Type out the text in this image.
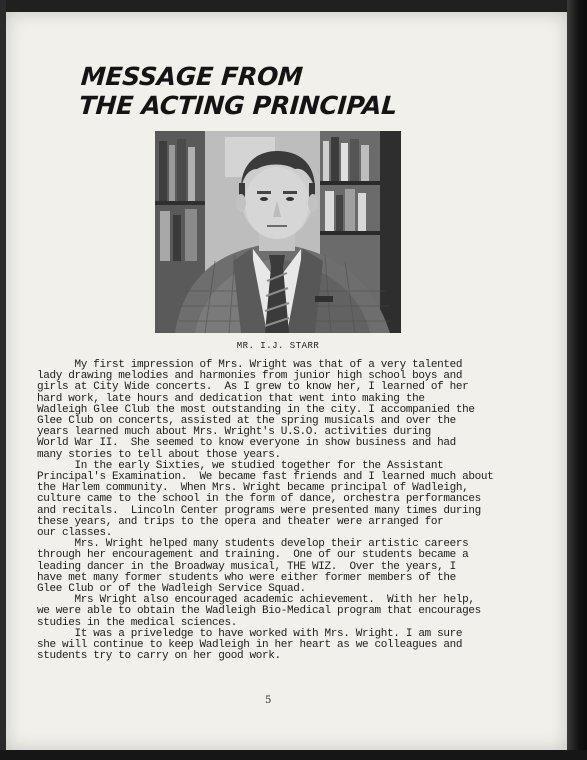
MESSAGE FROM
THE ACTING PRINCIPAL
MR. I.J. STARR

My first impression of Mrs. Wright was that of a very talented

lady drawing melodies and harmonies from junior high school boys and

girls at City Wide concerts.  As I grew to know her, I learned of her

hard work, late hours and dedication that went into making the

Wadleigh Glee Club the most outstanding in the city. I accompanied the

Glee Club on concerts, assisted at the spring musicals and over the

years learned much about Mrs. Wright's U.S.O. activities during

World War II.  She seemed to know everyone in show business and had

many stories to tell about those years.

In the early Sixties, we studied together for the Assistant

Principal's Examination.  We became fast friends and I learned much about

the Harlem community.  When Mrs. Wright became principal of Wadleigh,

culture came to the school in the form of dance, orchestra performances

and recitals.  Lincoln Center programs were presented many times during

these years, and trips to the opera and theater were arranged for

our classes.

Mrs. Wright helped many students develop their artistic careers

through her encouragement and training.  One of our students became a

leading dancer in the Broadway musical, THE WIZ.  Over the years, I

have met many former students who were either former members of the

Glee Club or of the Wadleigh Service Squad.

Mrs Wright also encouraged academic achievement.  With her help,

we were able to obtain the Wadleigh Bio-Medical program that encourages

studies in the medical sciences.

It was a priveledge to have worked with Mrs. Wright. I am sure

she will continue to keep Wadleigh in her heart as we colleagues and

students try to carry on her good work.

5
